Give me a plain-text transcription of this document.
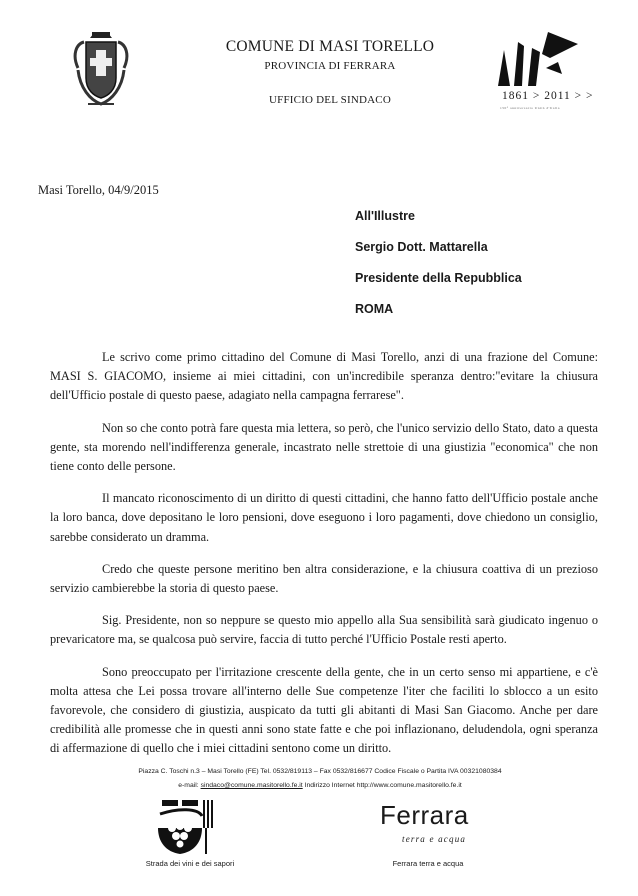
COMUNE DI MASI TORELLO
PROVINCIA DI FERRARA
UFFICIO DEL SINDACO	1861 > 2011 > >
150° anniversario Unità d'Italia
Masi Torello, 04/9/2015
All'Illustre
Sergio Dott. Mattarella
Presidente della Repubblica
ROMA

Le scrivo come primo cittadino del Comune di Masi Torello, anzi di una frazione del Comune: MASI S. GIACOMO, insieme ai miei cittadini, con un'incredibile speranza dentro:"evitare la chiusura dell'Ufficio postale di questo paese, adagiato nella campagna ferrarese".

Non so che conto potrà fare questa mia lettera, so però, che l'unico servizio dello Stato, dato a questa gente, sta morendo nell'indifferenza generale, incastrato nelle strettoie di una giustizia "economica" che non tiene conto delle persone.

Il mancato riconoscimento di un diritto di questi cittadini, che hanno fatto dell'Ufficio postale anche la loro banca, dove depositano le loro pensioni, dove eseguono i loro pagamenti, dove chiedono un consiglio, sarebbe considerato un dramma.

Credo che queste persone meritino ben altra considerazione, e la chiusura coattiva di un prezioso servizio cambierebbe la storia di questo paese.

Sig. Presidente, non so neppure se questo mio appello alla Sua sensibilità sarà giudicato ingenuo o prevaricatore ma, se qualcosa può servire, faccia di tutto perché l'Ufficio Postale resti aperto.

Sono preoccupato per l'irritazione crescente della gente, che in un certo senso mi appartiene, e c'è molta attesa che Lei possa trovare all'interno delle Sue competenze l'iter che faciliti lo sblocco a un esito favorevole, che considero di giustizia, auspicato da tutti gli abitanti di Masi San Giacomo. Anche per dare credibilità alle promesse che in questi anni sono state fatte e che poi inflazionano, deludendola, ogni speranza di affermazione di quello che i miei cittadini sentono come un diritto.

Piazza C. Toschi n.3 – Masi Torello (FE) Tel. 0532/819113 – Fax 0532/816677 Codice Fiscale o Partita IVA 00321080384
e-mail: sindaco@comune.masitorello.fe.it Indirizzo Internet http://www.comune.masitorello.fe.it
Strada dei vini e dei sapori
Ferrara
terra e acqua
Ferrara terra e acqua
